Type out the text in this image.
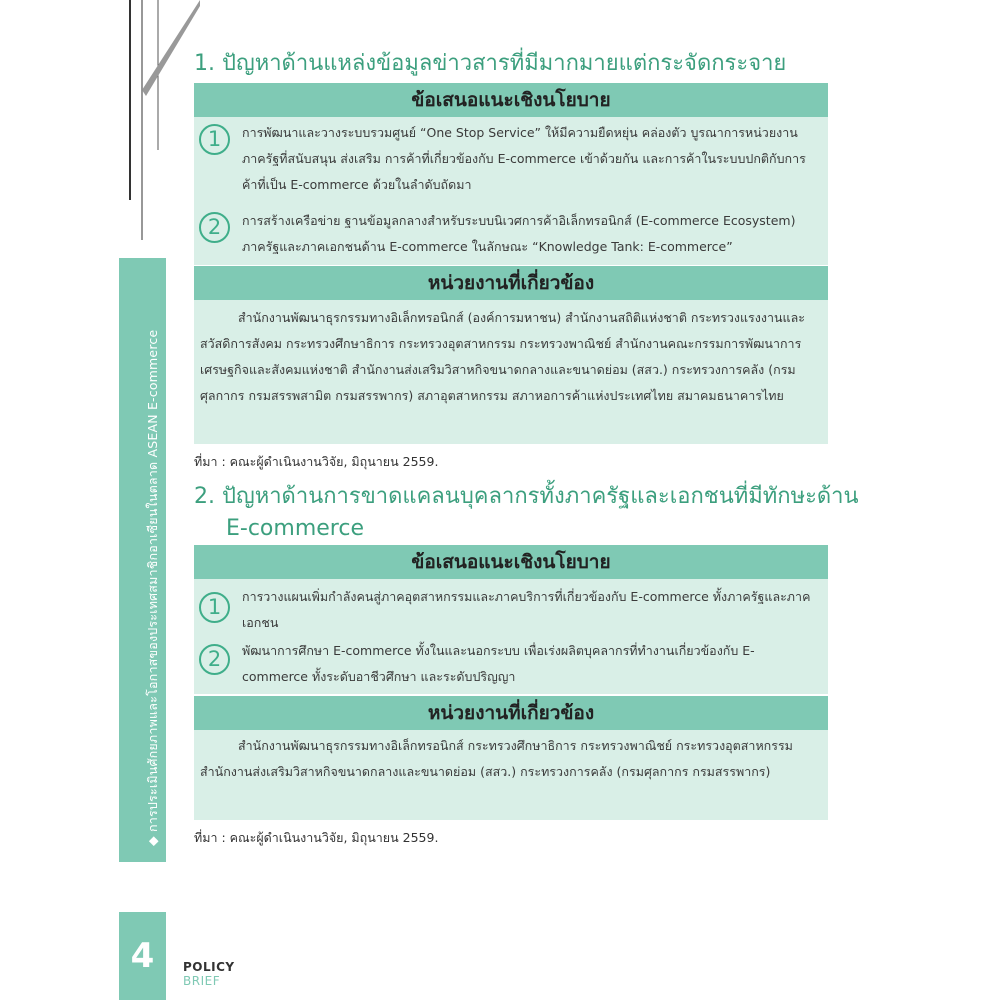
◆ การประเมินศักยภาพและโอกาสของประเทศสมาชิกอาเซียนในตลาด ASEAN E-commerce
4 POLICY
BRIEF
1. ปัญหาด้านแหล่งข้อมูลข่าวสารที่มีมากมายแต่กระจัดกระจาย
ข้อเสนอแนะเชิงนโยบาย
1	การพัฒนาและวางระบบรวมศูนย์ “One Stop Service” ให้มีความยืดหยุ่น คล่องตัว บูรณาการหน่วยงานภาครัฐที่สนับสนุน ส่งเสริม การค้าที่เกี่ยวข้องกับ E-commerce เข้าด้วยกัน และการค้าในระบบปกติกับการค้าที่เป็น E-commerce ด้วยในลำดับถัดมา

2	การสร้างเครือข่าย ฐานข้อมูลกลางสำหรับระบบนิเวศการค้าอิเล็กทรอนิกส์ (E-commerce Ecosystem) ภาครัฐและภาคเอกชนด้าน E-commerce ในลักษณะ “Knowledge Tank: E-commerce”

หน่วยงานที่เกี่ยวข้อง

สำนักงานพัฒนาธุรกรรมทางอิเล็กทรอนิกส์ (องค์การมหาชน) สำนักงานสถิติแห่งชาติ กระทรวงแรงงานและสวัสดิการสังคม กระทรวงศึกษาธิการ กระทรวงอุตสาหกรรม กระทรวงพาณิชย์ สำนักงานคณะกรรมการพัฒนาการเศรษฐกิจและสังคมแห่งชาติ สำนักงานส่งเสริมวิสาหกิจขนาดกลางและขนาดย่อม (สสว.) กระทรวงการคลัง (กรมศุลกากร กรมสรรพสามิต กรมสรรพากร) สภาอุตสาหกรรม สภาหอการค้าแห่งประเทศไทย สมาคมธนาคารไทย

ที่มา : คณะผู้ดำเนินงานวิจัย, มิถุนายน 2559.

2. ปัญหาด้านการขาดแคลนบุคลากรทั้งภาครัฐและเอกชนที่มีทักษะด้าน
E-commerce
ข้อเสนอแนะเชิงนโยบาย
1	การวางแผนเพิ่มกำลังคนสู่ภาคอุตสาหกรรมและภาคบริการที่เกี่ยวข้องกับ E-commerce ทั้งภาครัฐและภาคเอกชน

2	พัฒนาการศึกษา E-commerce ทั้งในและนอกระบบ เพื่อเร่งผลิตบุคลากรที่ทำงานเกี่ยวข้องกับ E-commerce ทั้งระดับอาชีวศึกษา และระดับปริญญา

หน่วยงานที่เกี่ยวข้อง

สำนักงานพัฒนาธุรกรรมทางอิเล็กทรอนิกส์ กระทรวงศึกษาธิการ กระทรวงพาณิชย์ กระทรวงอุตสาหกรรม สำนักงานส่งเสริมวิสาหกิจขนาดกลางและขนาดย่อม (สสว.) กระทรวงการคลัง (กรมศุลกากร กรมสรรพากร)

ที่มา : คณะผู้ดำเนินงานวิจัย, มิถุนายน 2559.
